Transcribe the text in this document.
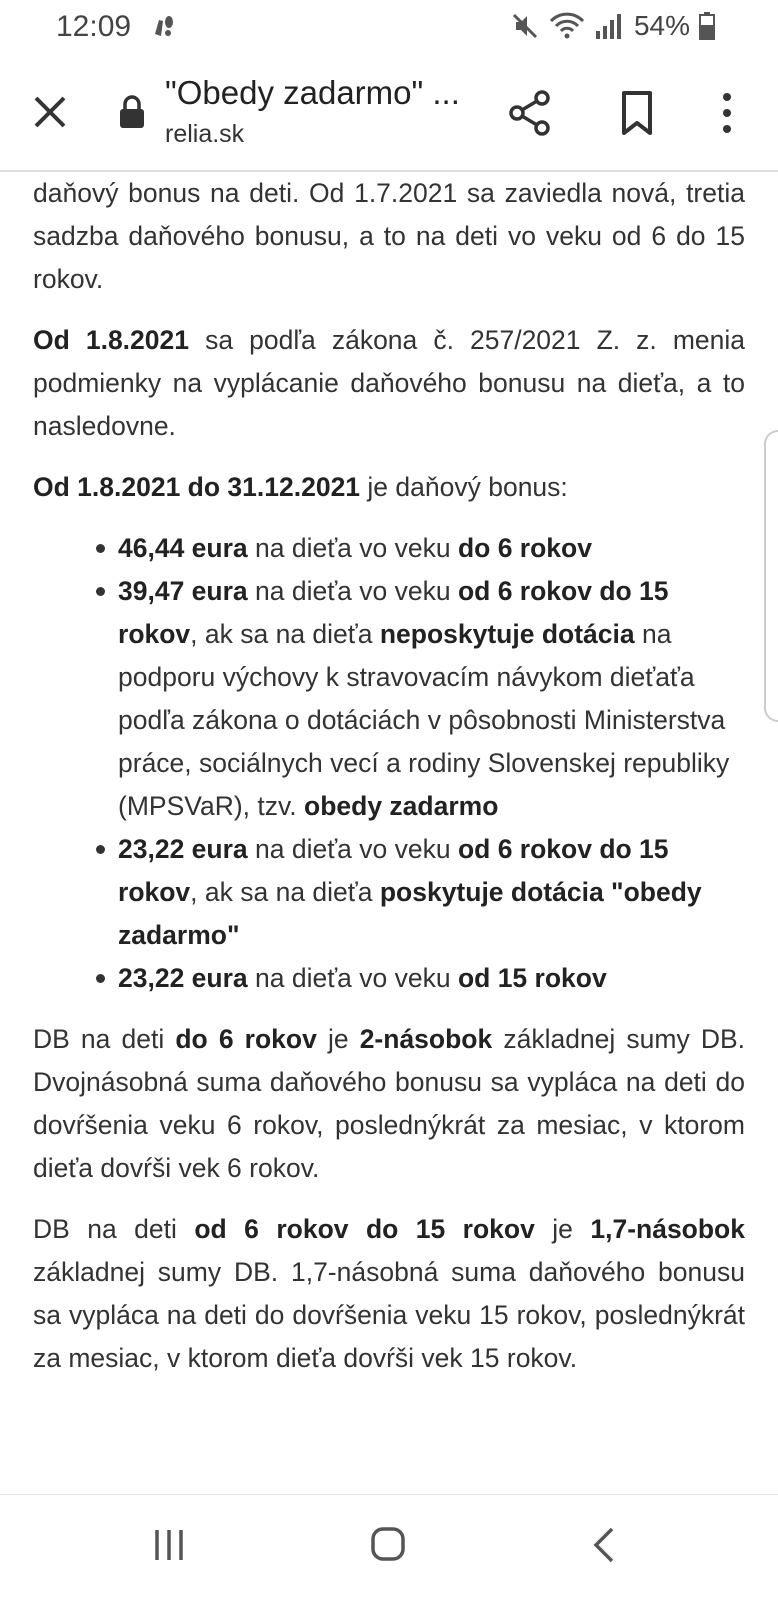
12:09	54%
"Obedy zadarmo" ...
relia.sk

daňový bonus na deti. Od 1.7.2021 sa zaviedla nová, tretia sadzba daňového bonusu, a to na deti vo veku od 6 do 15 rokov.

Od 1.8.2021 sa podľa zákona č. 257/2021 Z. z. menia podmienky na vyplácanie daňového bonusu na dieťa, a to nasledovne.

Od 1.8.2021 do 31.12.2021 je daňový bonus:

46,44 eura na dieťa vo veku do 6 rokov
39,47 eura na dieťa vo veku od 6 rokov do 15 rokov, ak sa na dieťa neposkytuje dotácia na podporu výchovy k stravovacím návykom dieťaťa podľa zákona o dotáciách v pôsobnosti Ministerstva práce, sociálnych vecí a rodiny Slovenskej republiky (MPSVaR), tzv. obedy zadarmo
23,22 eura na dieťa vo veku od 6 rokov do 15 rokov, ak sa na dieťa poskytuje dotácia "obedy zadarmo"
23,22 eura na dieťa vo veku od 15 rokov

DB na deti do 6 rokov je 2-násobok základnej sumy DB. Dvojnásobná suma daňového bonusu sa vypláca na deti do dovŕšenia veku 6 rokov, poslednýkrát za mesiac, v ktorom dieťa dovŕši vek 6 rokov.

DB na deti od 6 rokov do 15 rokov je 1,7-násobok základnej sumy DB. 1,7-násobná suma daňového bonusu sa vypláca na deti do dovŕšenia veku 15 rokov, poslednýkrát za mesiac, v ktorom dieťa dovŕši vek 15 rokov.
